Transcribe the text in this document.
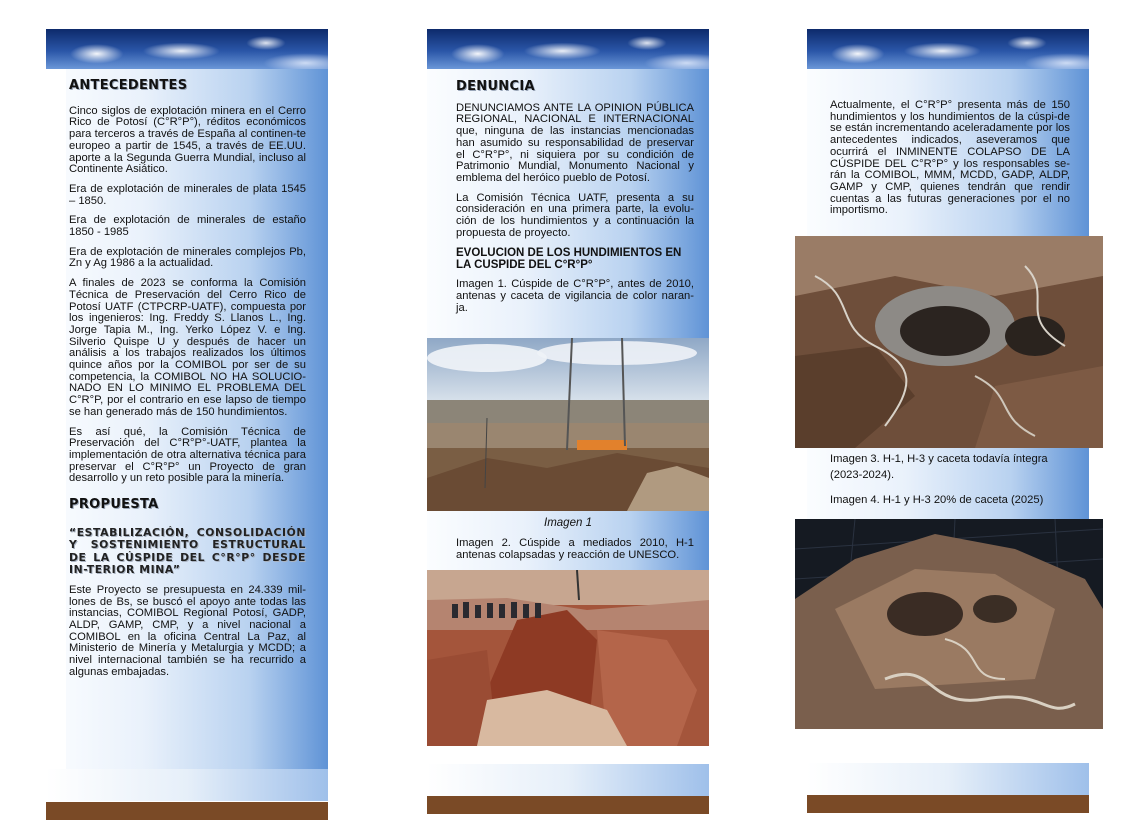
ANTECEDENTES

Cinco siglos de explotación minera en el Cerro Rico de Potosí (C°R°P°), réditos económicos para terceros a través de España al continen-te europeo a partir de 1545, a través de EE.UU. aporte a la Segunda Guerra Mundial, incluso al Continente Asiático.

Era de explotación de minerales de plata 1545 – 1850.

Era de explotación de minerales de estaño 1850 - 1985

Era de explotación de minerales complejos Pb, Zn y Ag 1986 a la actualidad.

A finales de 2023 se conforma la Comisión Técnica de Preservación del Cerro Rico de Potosí UATF (CTPCRP-UATF), compuesta por los ingenieros: Ing. Freddy S. Llanos L., Ing. Jorge Tapia M., Ing. Yerko López V. e Ing. Silverio Quispe U y después de hacer un análisis a los trabajos realizados los últimos quince años por la COMIBOL por ser de su competencia, la COMIBOL NO HA SOLUCIO-NADO EN LO MINIMO EL PROBLEMA DEL C°R°P, por el contrario en ese lapso de tiempo se han generado más de 150 hundimientos.

Es así qué, la Comisión Técnica de Preservación del C°R°P°-UATF, plantea la implementación de otra alternativa técnica para preservar el C°R°P° un Proyecto de gran desarrollo y un reto posible para la minería.

PROPUESTA
“ESTABILIZACIÓN, CONSOLIDACIÓN Y SOSTENIMIENTO ESTRUCTURAL DE LA CÚSPIDE DEL C°R°P° DESDE IN-TERIOR MINA”

Este Proyecto se presupuesta en 24.339 mil-lones de Bs, se buscó el apoyo ante todas las instancias, COMIBOL Regional Potosí, GADP, ALDP, GAMP, CMP, y a nivel nacional a COMIBOL en la oficina Central La Paz, al Ministerio de Minería y Metalurgia y MCDD; a nivel internacional también se ha recurrido a algunas embajadas.

DENUNCIA

DENUNCIAMOS ANTE LA OPINION PÚBLICA REGIONAL, NACIONAL E INTERNACIONAL que, ninguna de las instancias mencionadas han asumido su responsabilidad de preservar el C°R°P°, ni siquiera por su condición de Patrimonio Mundial, Monumento Nacional y emblema del heróico pueblo de Potosí.

La Comisión Técnica UATF, presenta a su consideración en una primera parte, la evolu-ción de los hundimientos y a continuación la propuesta de proyecto.

EVOLUCION DE LOS HUNDIMIENTOS EN LA CUSPIDE DEL C°R°P°

Imagen 1. Cúspide de C°R°P°, antes de 2010, antenas y caceta de vigilancia de color naran-ja.

Imagen 1

Imagen 2. Cúspide a mediados 2010, H-1 antenas colapsadas y reacción de UNESCO.

Actualmente, el C°R°P° presenta más de 150 hundimientos y los hundimientos de la cúspi-de se están incrementando aceleradamente por los antecedentes indicados, aseveramos que ocurrirá el INMINENTE COLAPSO DE LA CÚSPIDE DEL C°R°P° y los responsables se-rán la COMIBOL, MMM, MCDD, GADP, ALDP, GAMP y CMP, quienes tendrán que rendir cuentas a las futuras generaciones por el no importismo.

Imagen 3. H-1, H-3 y caceta todavía íntegra (2023-2024).

Imagen 4. H-1 y H-3 20% de caceta (2025)
